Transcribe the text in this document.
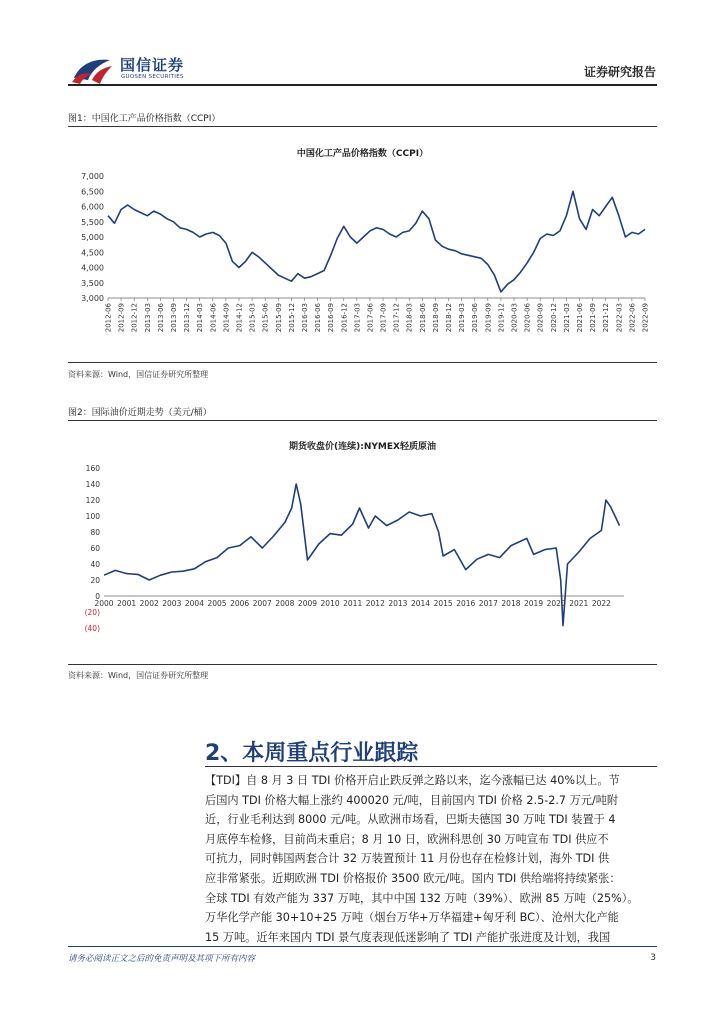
国信证券
GUOSEN SECURITIES	证券研究报告
图1：中国化工产品价格指数（CCPI）
中国化工产品价格指数（CCPI）
7,000
6,500
6,000
5,500
5,000
4,500
4,000
3,500
3,000
2012-06 2012-09 2012-12 2013-03 2013-06 2013-09 2013-12 2014-03 2014-06 2014-09 2014-12 2015-03 2015-06 2015-09 2015-12 2016-03 2016-06 2016-09 2016-12 2017-03 2017-06 2017-09 2017-12 2018-03 2018-06 2018-09 2018-12 2019-03 2019-06 2019-09 2019-12 2020-03 2020-06 2020-09 2020-12 2021-03 2021-06 2021-09 2021-12 2022-03 2022-06 2022-09
资料来源：Wind，国信证券研究所整理
图2：国际油价近期走势（美元/桶）
期货收盘价(连续):NYMEX轻质原油
160
140
120
100
80
60
40
20
0
(20)
(40)
2000 2001 2002 2003 2004 2005 2006 2007 2008 2009 2010 2011 2012 2013 2014 2015 2016 2017 2018 2019 2020 2021 2022
资料来源：Wind，国信证券研究所整理
2、本周重点行业跟踪
【TDI】自 8 月 3 日 TDI 价格开启止跌反弹之路以来，迄今涨幅已达 40%以上。节
后国内 TDI 价格大幅上涨约 400020 元/吨，目前国内 TDI 价格 2.5-2.7 万元/吨附
近，行业毛利达到 8000 元/吨。从欧洲市场看，巴斯夫德国 30 万吨 TDI 装置于 4
月底停车检修，目前尚未重启；8 月 10 日，欧洲科思创 30 万吨宣布 TDI 供应不
可抗力，同时韩国两套合计 32 万装置预计 11 月份也存在检修计划，海外 TDI 供
应非常紧张。近期欧洲 TDI 价格报价 3500 欧元/吨。国内 TDI 供给端将持续紧张：
全球 TDI 有效产能为 337 万吨，其中中国 132 万吨（39%）、欧洲 85 万吨（25%）。
万华化学产能 30+10+25 万吨（烟台万华+万华福建+匈牙利 BC）、沧州大化产能
15 万吨。近年来国内 TDI 景气度表现低迷影响了 TDI 产能扩张进度及计划，我国
请务必阅读正文之后的免责声明及其项下所有内容	3
